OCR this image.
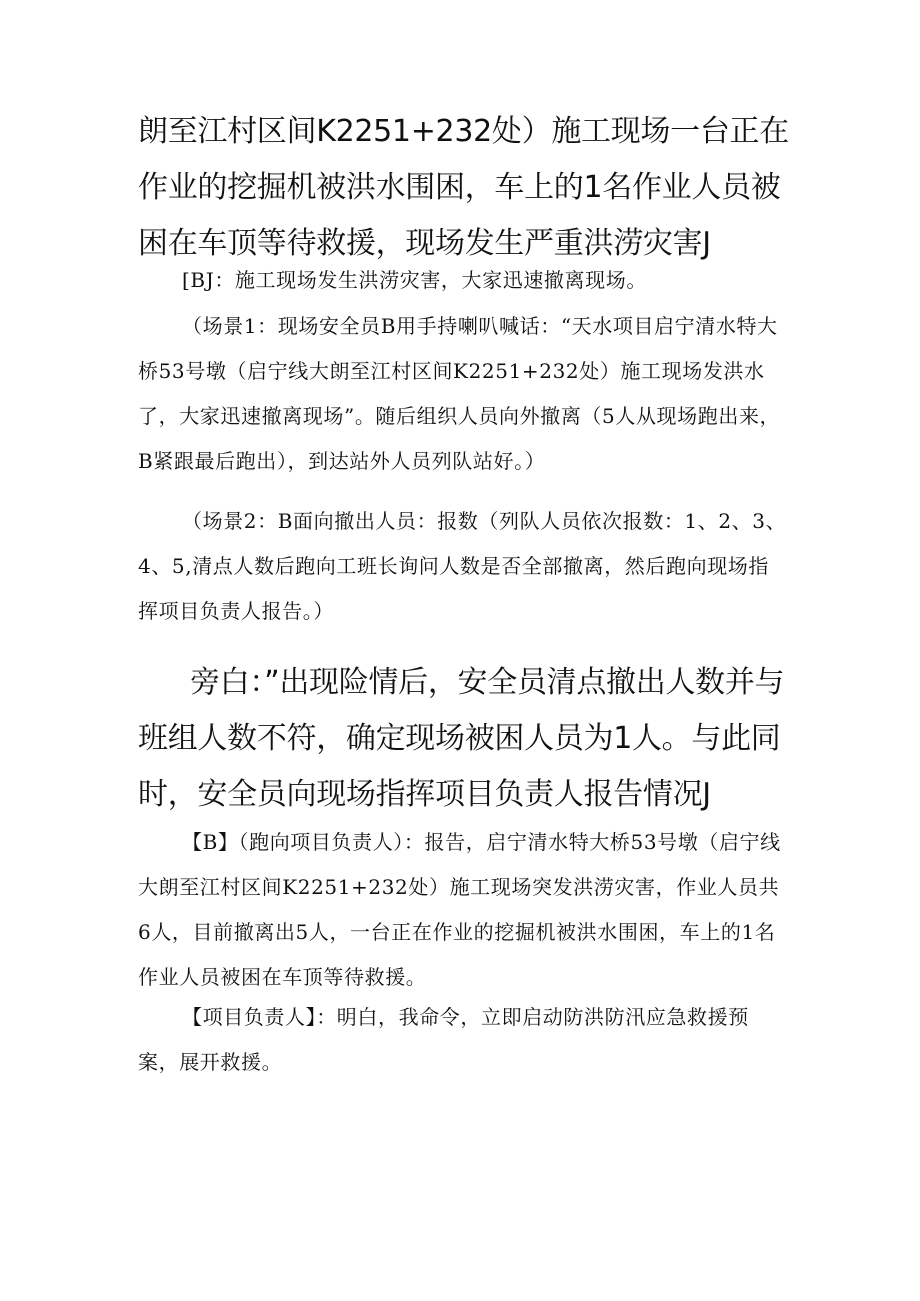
朗至江村区间K2251+232处）施工现场一台正在作业的挖掘机被洪水围困，车上的1名作业人员被困在车顶等待救援，现场发生严重洪涝灾害J

[BJ：施工现场发生洪涝灾害，大家迅速撤离现场。

（场景1：现场安全员B用手持喇叭喊话：“天水项目启宁清水特大桥53号墩（启宁线大朗至江村区间K2251+232处）施工现场发洪水了，大家迅速撤离现场”。随后组织人员向外撤离（5人从现场跑出来，B紧跟最后跑出），到达站外人员列队站好。）

（场景2：B面向撤出人员：报数（列队人员依次报数：1、2、3、4、5,清点人数后跑向工班长询问人数是否全部撤离，然后跑向现场指挥项目负责人报告。）

旁白：”出现险情后，安全员清点撤出人数并与班组人数不符，确定现场被困人员为1人。与此同时，安全员向现场指挥项目负责人报告情况J

【B】（跑向项目负责人）：报告，启宁清水特大桥53号墩（启宁线大朗至江村区间K2251+232处）施工现场突发洪涝灾害，作业人员共6人，目前撤离出5人，一台正在作业的挖掘机被洪水围困，车上的1名作业人员被困在车顶等待救援。

【项目负责人】：明白，我命令，立即启动防洪防汛应急救援预案，展开救援。
